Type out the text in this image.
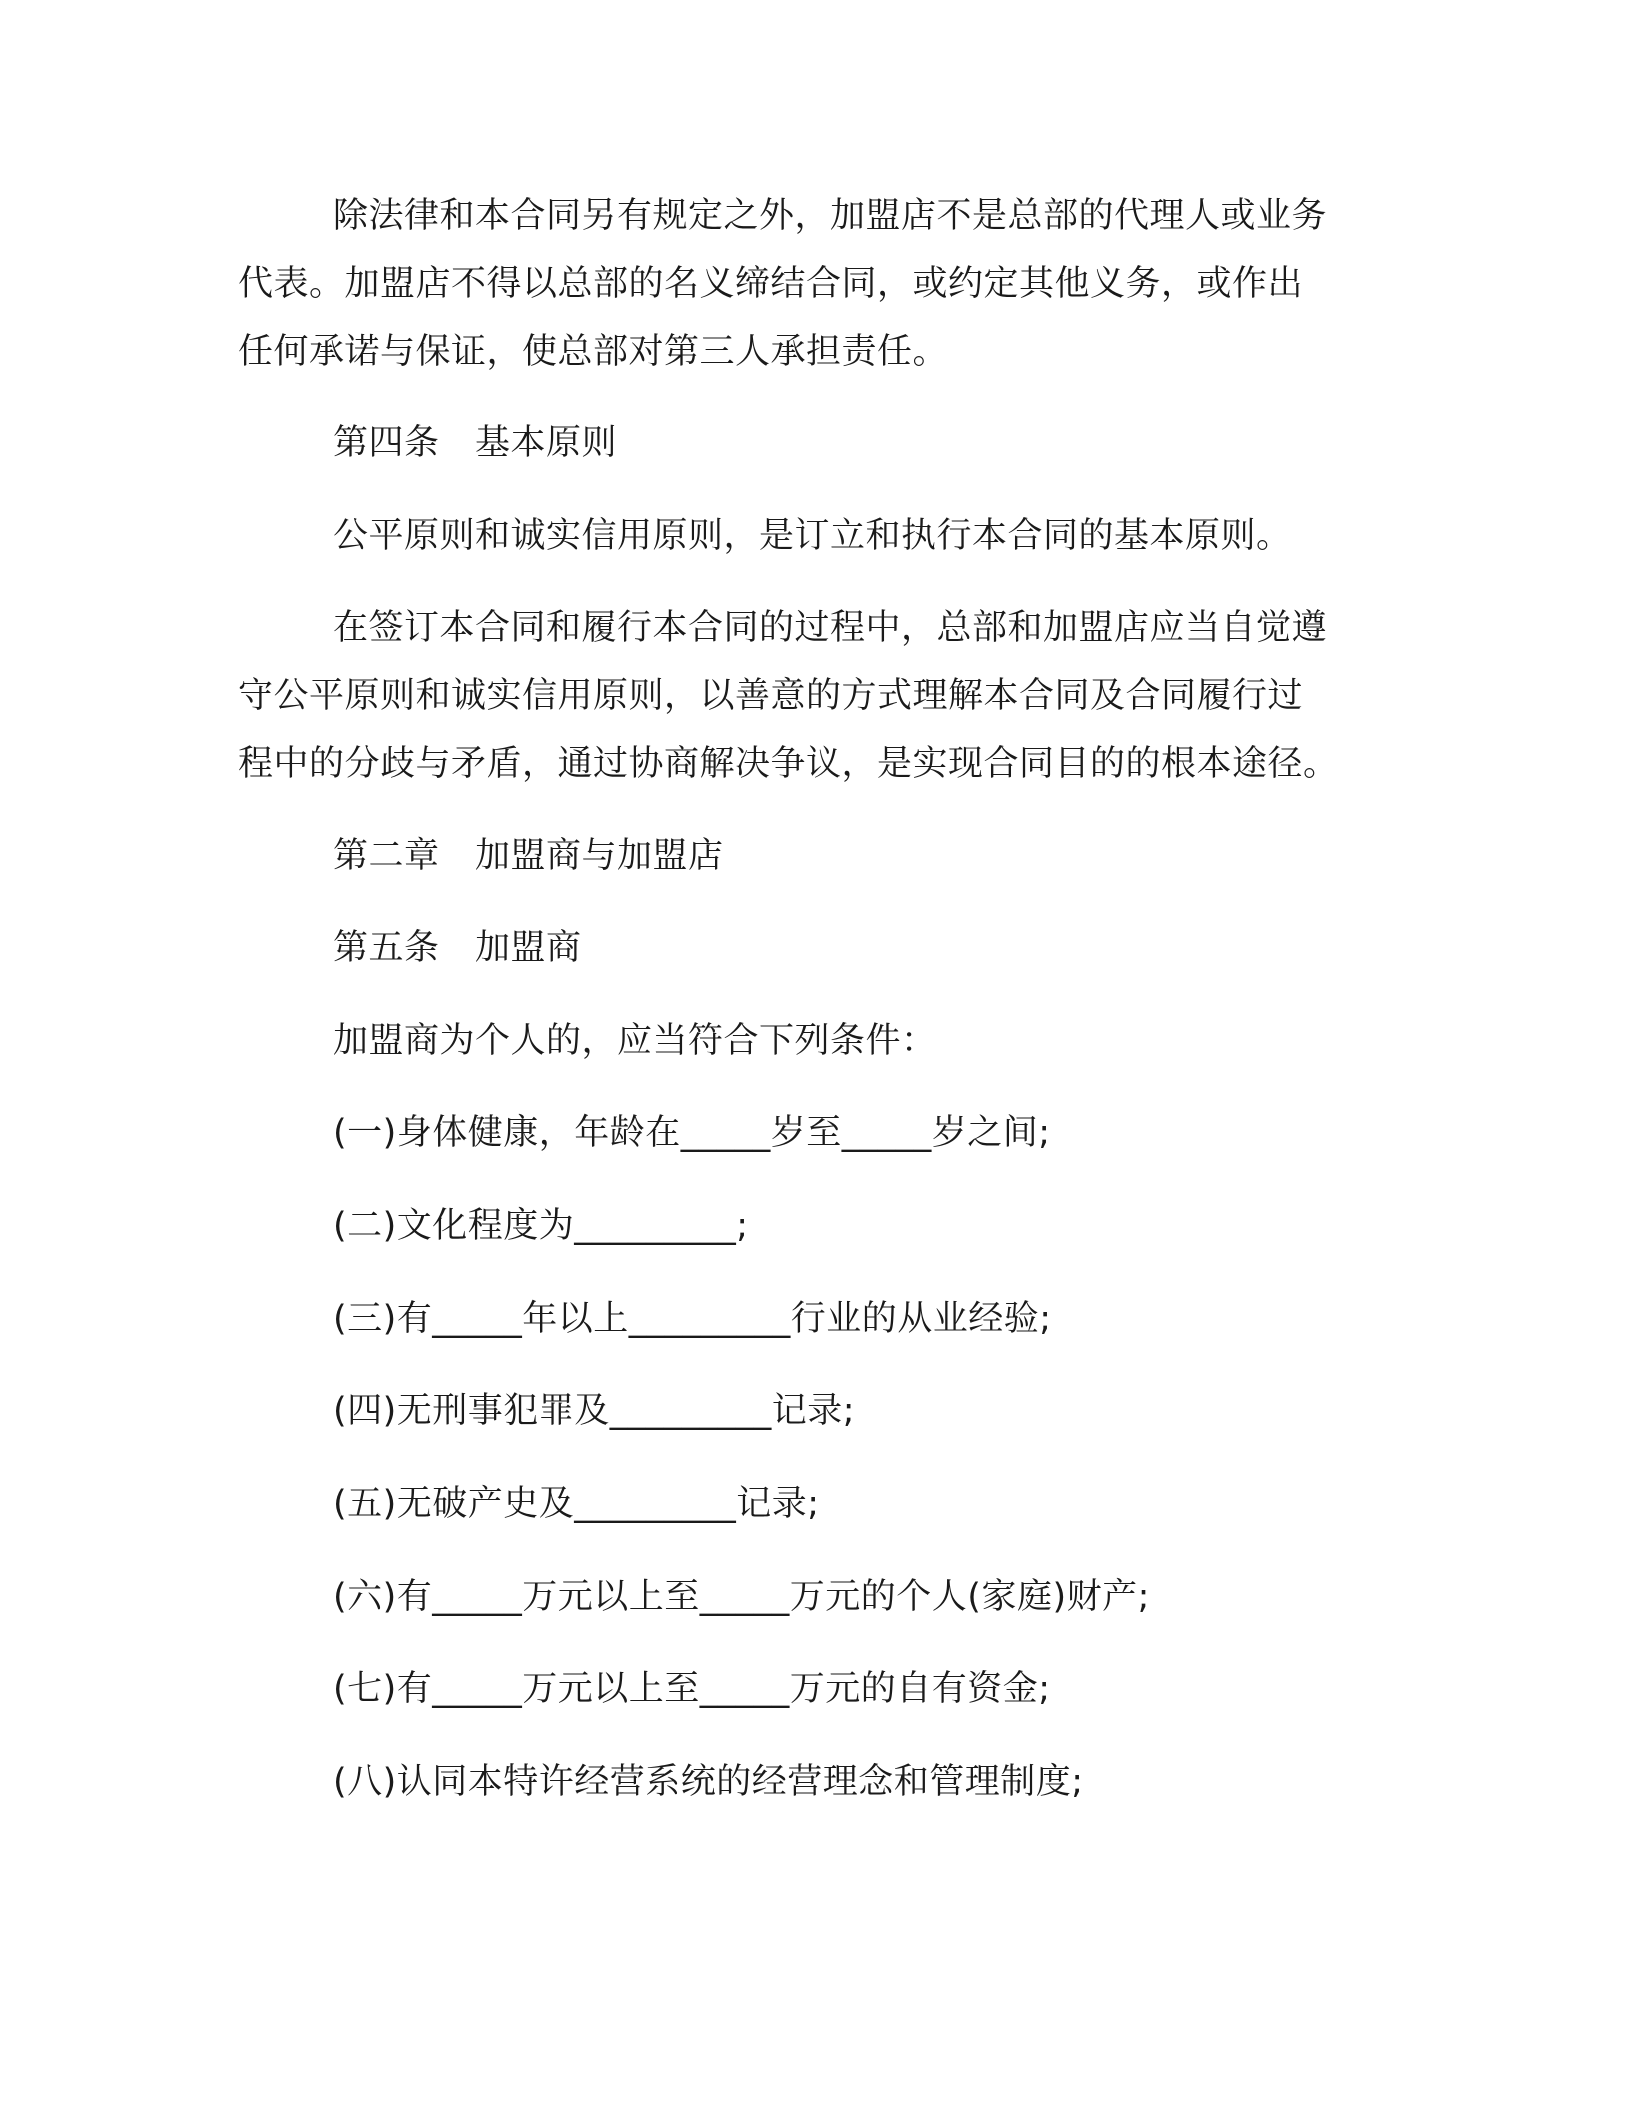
除法律和本合同另有规定之外，加盟店不是总部的代理人或业务
代表。加盟店不得以总部的名义缔结合同，或约定其他义务，或作出
任何承诺与保证，使总部对第三人承担责任。
第四条　基本原则
公平原则和诚实信用原则，是订立和执行本合同的基本原则。
在签订本合同和履行本合同的过程中，总部和加盟店应当自觉遵
守公平原则和诚实信用原则，以善意的方式理解本合同及合同履行过
程中的分歧与矛盾，通过协商解决争议，是实现合同目的的根本途径。
第二章　加盟商与加盟店
第五条　加盟商
加盟商为个人的，应当符合下列条件：
(一)身体健康，年龄在_____岁至_____岁之间;
(二)文化程度为_________;
(三)有_____年以上_________行业的从业经验;
(四)无刑事犯罪及_________记录;
(五)无破产史及_________记录;
(六)有_____万元以上至_____万元的个人(家庭)财产;
(七)有_____万元以上至_____万元的自有资金;
(八)认同本特许经营系统的经营理念和管理制度;
